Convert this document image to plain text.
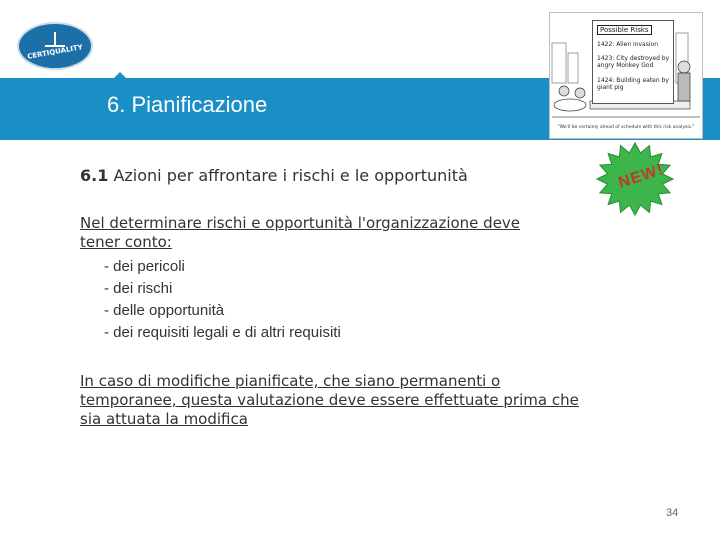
CERTIQUALITY
6. Pianificazione
Possible Risks
1422: Alien invasion
1423: City destroyed by angry Monkey God
1424: Building eaten by giant pig
"We'll be certainly ahead of schedule with this risk analysis."
6.1 Azioni per affrontare i rischi e le opportunità	NEW!
Nel determinare rischi e opportunità l'organizzazione deve
tener conto:
- dei pericoli
- dei rischi
- delle opportunità
- dei requisiti legali e di altri requisiti
In caso di modifiche pianificate, che siano permanenti o
temporanee, questa valutazione deve essere effettuate prima che
sia attuata la modifica
34
